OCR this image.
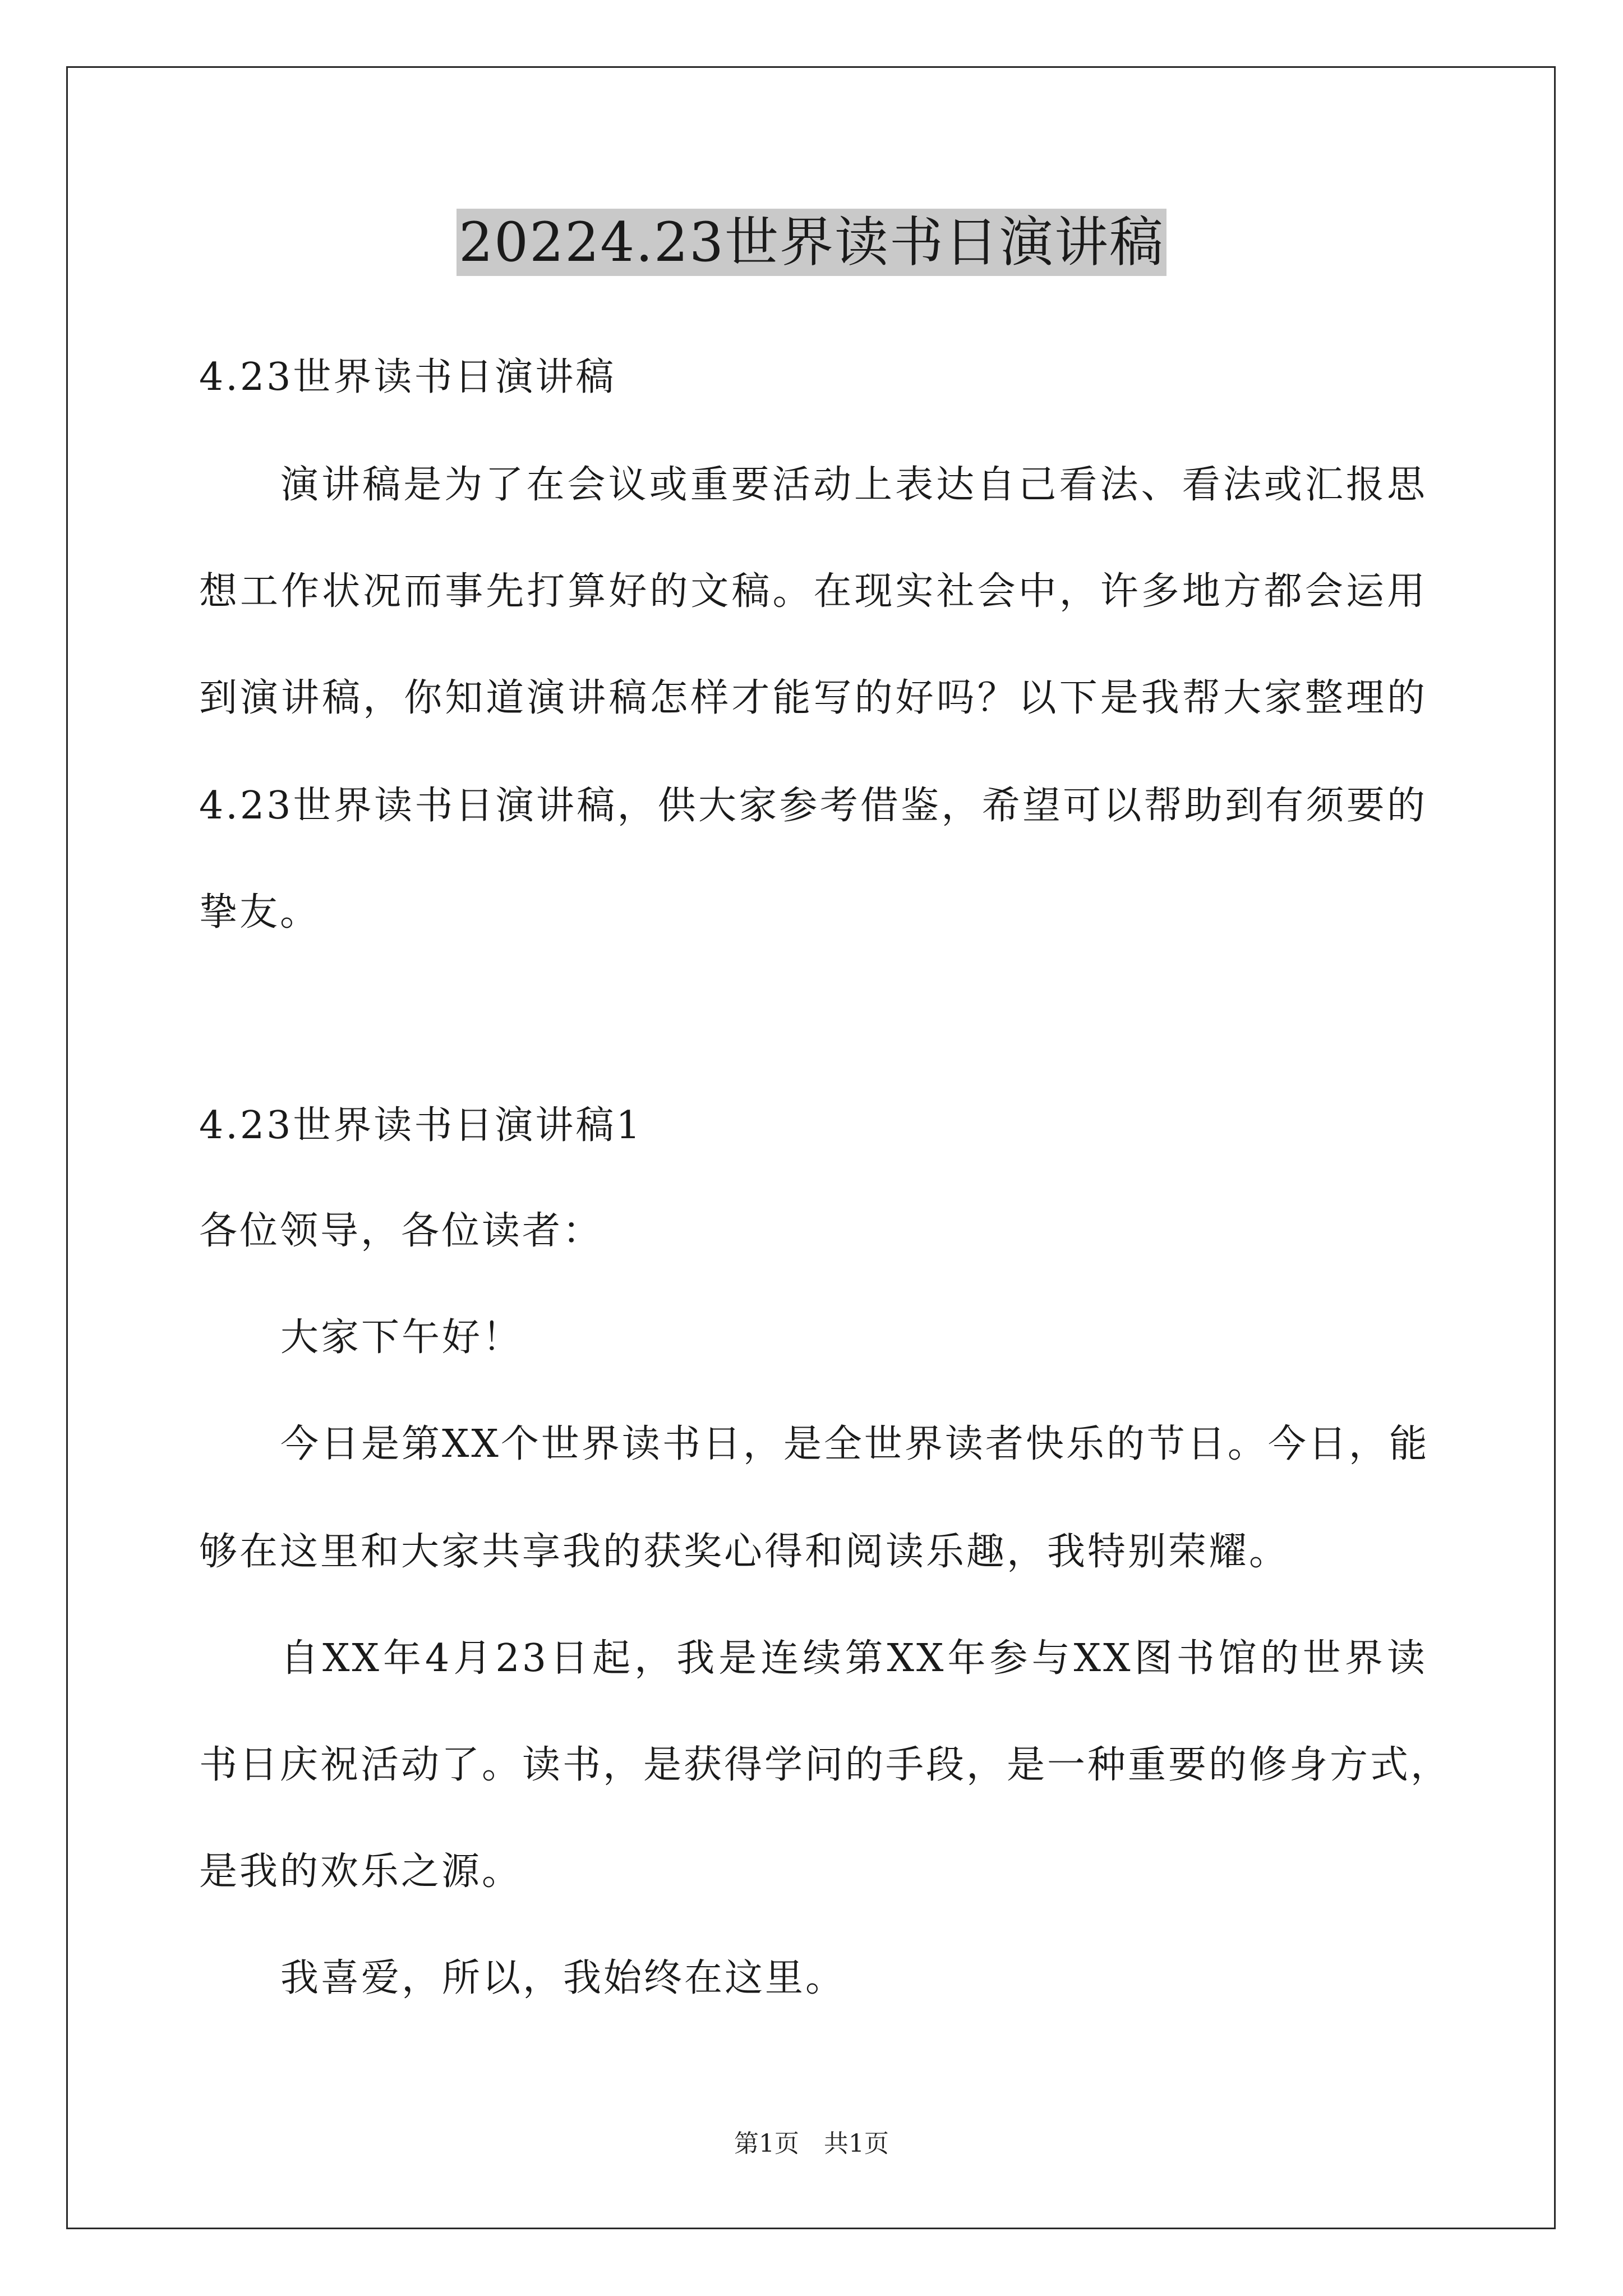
20224.23世界读书日演讲稿
4.23世界读书日演讲稿
演讲稿是为了在会议或重要活动上表达自己看法、看法或汇报思
想工作状况而事先打算好的文稿。在现实社会中，许多地方都会运用
到演讲稿，你知道演讲稿怎样才能写的好吗？以下是我帮大家整理的
4.23世界读书日演讲稿，供大家参考借鉴，希望可以帮助到有须要的
挚友。
4.23世界读书日演讲稿1
各位领导，各位读者：
大家下午好！
今日是第XX个世界读书日，是全世界读者快乐的节日。今日，能
够在这里和大家共享我的获奖心得和阅读乐趣，我特别荣耀。
自XX年4月23日起，我是连续第XX年参与XX图书馆的世界读
书日庆祝活动了。读书，是获得学问的手段，是一种重要的修身方式，
是我的欢乐之源。
我喜爱，所以，我始终在这里。
第1页　共1页
